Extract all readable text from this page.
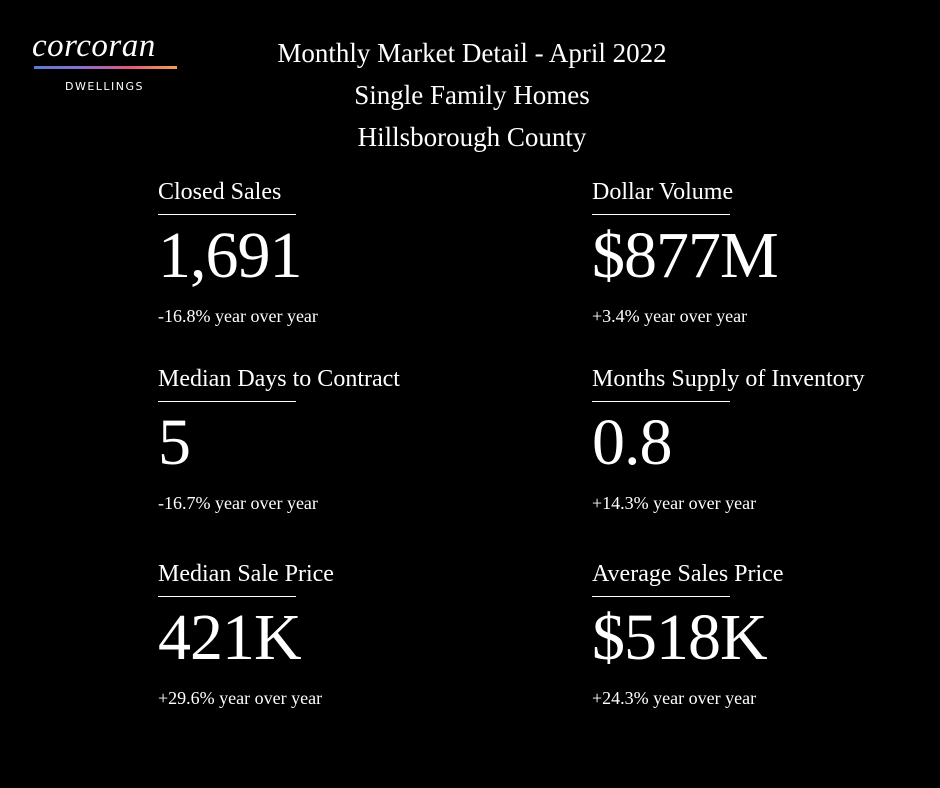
corcoran
DWELLINGS
Monthly Market Detail - April 2022
Single Family Homes
Hillsborough County
Closed Sales
1,691
-16.8% year over year
Dollar Volume
$877M
+3.4% year over year
Median Days to Contract
5
-16.7% year over year
Months Supply of Inventory
0.8
+14.3% year over year
Median Sale Price
421K
+29.6% year over year
Average Sales Price
$518K
+24.3% year over year
